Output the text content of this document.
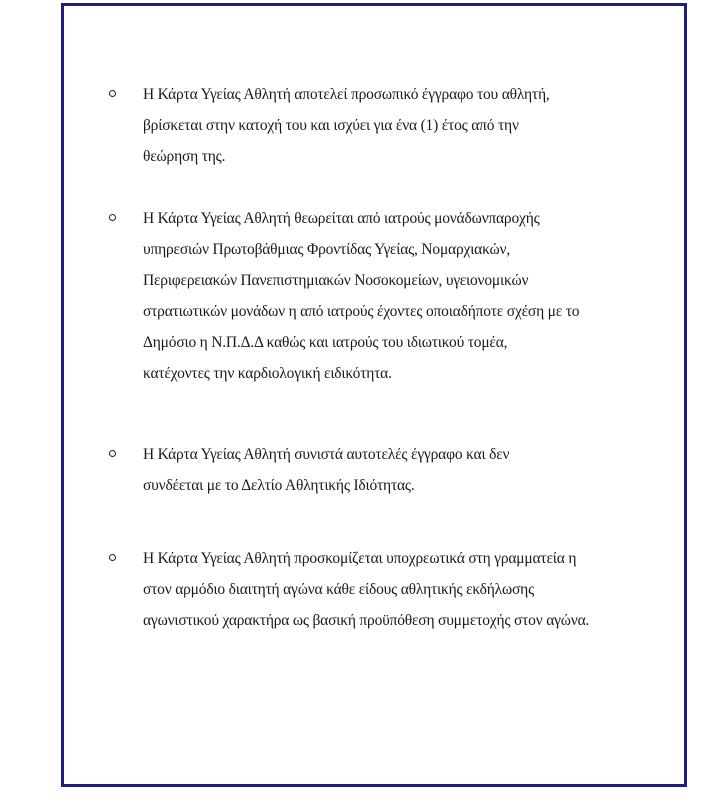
Η Κάρτα Υγείας Αθλητή αποτελεί προσωπικό έγγραφο του αθλητή,
βρίσκεται στην κατοχή του και ισχύει για ένα (1) έτος από την
θεώρηση της.
Η Κάρτα Υγείας Αθλητή θεωρείται από ιατρούς μονάδωνπαροχής
υπηρεσιών Πρωτοβάθμιας Φροντίδας Υγείας, Νομαρχιακών,
Περιφερειακών Πανεπιστημιακών Νοσοκομείων, υγειονομικών
στρατιωτικών μονάδων η από ιατρούς έχοντες οποιαδήποτε σχέση με το
Δημόσιο η Ν.Π.Δ.Δ καθώς και ιατρούς του ιδιωτικού τομέα,
κατέχοντες την καρδιολογική ειδικότητα.
Η Κάρτα Υγείας Αθλητή συνιστά αυτοτελές έγγραφο και δεν
συνδέεται με το Δελτίο Αθλητικής Ιδιότητας.
Η Κάρτα Υγείας Αθλητή προσκομίζεται υποχρεωτικά στη γραμματεία η
στον αρμόδιο διαιτητή αγώνα κάθε είδους αθλητικής εκδήλωσης
αγωνιστικού χαρακτήρα ως βασική προϋπόθεση συμμετοχής στον αγώνα.
